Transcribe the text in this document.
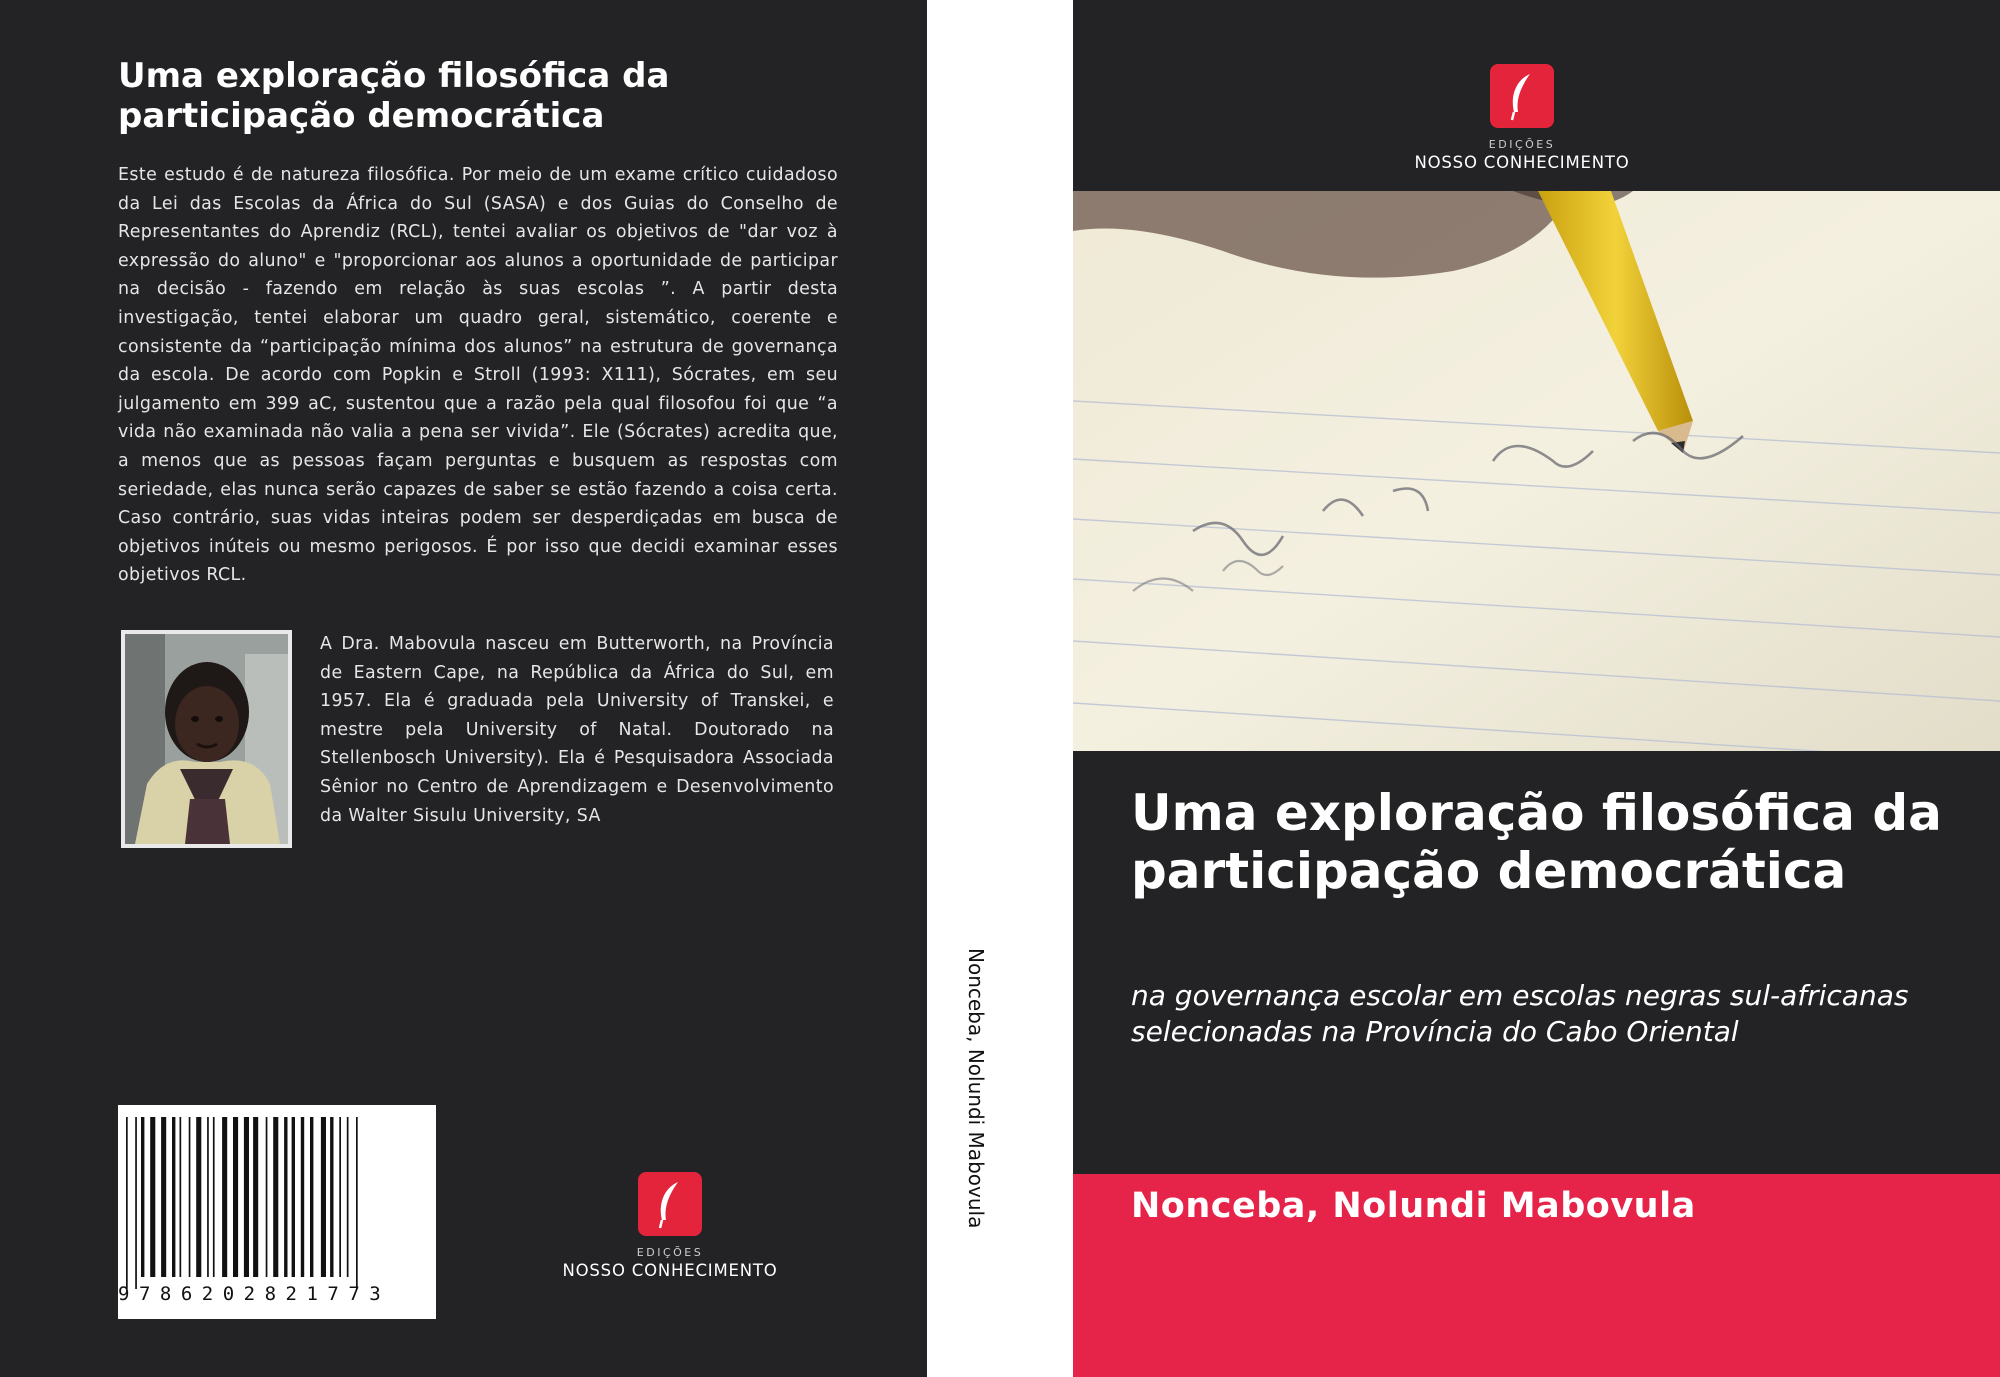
Uma exploração filosófica da participação democrática

Este estudo é de natureza filosófica. Por meio de um exame crítico cuidadoso da Lei das Escolas da África do Sul (SASA) e dos Guias do Conselho de Representantes do Aprendiz (RCL), tentei avaliar os objetivos de "dar voz à expressão do aluno" e "proporcionar aos alunos a oportunidade de participar na decisão - fazendo em relação às suas escolas ”. A partir desta investigação, tentei elaborar um quadro geral, sistemático, coerente e consistente da “participação mínima dos alunos” na estrutura de governança da escola. De acordo com Popkin e Stroll (1993: X111), Sócrates, em seu julgamento em 399 aC, sustentou que a razão pela qual filosofou foi que “a vida não examinada não valia a pena ser vivida”. Ele (Sócrates) acredita que, a menos que as pessoas façam perguntas e busquem as respostas com seriedade, elas nunca serão capazes de saber se estão fazendo a coisa certa. Caso contrário, suas vidas inteiras podem ser desperdiçadas em busca de objetivos inúteis ou mesmo perigosos. É por isso que decidi examinar esses objetivos RCL.

A Dra. Mabovula nasceu em Butterworth, na Província de Eastern Cape, na República da África do Sul, em 1957. Ela é graduada pela University of Transkei, e mestre pela University of Natal. Doutorado na Stellenbosch University). Ela é Pesquisadora Associada Sênior no Centro de Aprendizagem e Desenvolvimento da Walter Sisulu University, SA

9786202821773
EDIÇÕES
NOSSO CONHECIMENTO
Nonceba, Nolundi Mabovula
EDIÇÕES
NOSSO CONHECIMENTO
Uma exploração filosófica da participação democrática

na governança escolar em escolas negras sul-africanas selecionadas na Província do Cabo Oriental

Nonceba, Nolundi Mabovula
